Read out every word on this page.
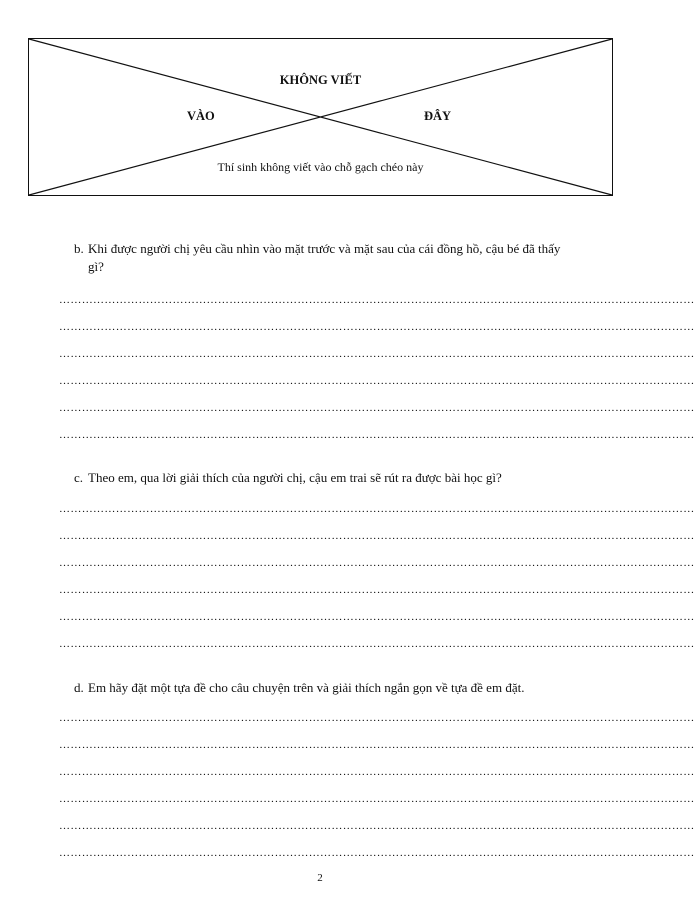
KHÔNG VIẾT
VÀO	ĐÂY
Thí sinh không viết vào chỗ gạch chéo này
b. Khi được người chị yêu cầu nhìn vào mặt trước và mặt sau của cái đồng hồ, cậu bé đã thấy
gì?
……………………………………………………………………………………………………………………………………………………
……………………………………………………………………………………………………………………………………………………
……………………………………………………………………………………………………………………………………………………
……………………………………………………………………………………………………………………………………………………
……………………………………………………………………………………………………………………………………………………
……………………………………………………………………………………………………………………………………………………
c. Theo em, qua lời giải thích của người chị, cậu em trai sẽ rút ra được bài học gì?
……………………………………………………………………………………………………………………………………………………
……………………………………………………………………………………………………………………………………………………
……………………………………………………………………………………………………………………………………………………
……………………………………………………………………………………………………………………………………………………
……………………………………………………………………………………………………………………………………………………
……………………………………………………………………………………………………………………………………………………
d. Em hãy đặt một tựa đề cho câu chuyện trên và giải thích ngắn gọn về tựa đề em đặt.
……………………………………………………………………………………………………………………………………………………
……………………………………………………………………………………………………………………………………………………
……………………………………………………………………………………………………………………………………………………
……………………………………………………………………………………………………………………………………………………
……………………………………………………………………………………………………………………………………………………
……………………………………………………………………………………………………………………………………………………
2
